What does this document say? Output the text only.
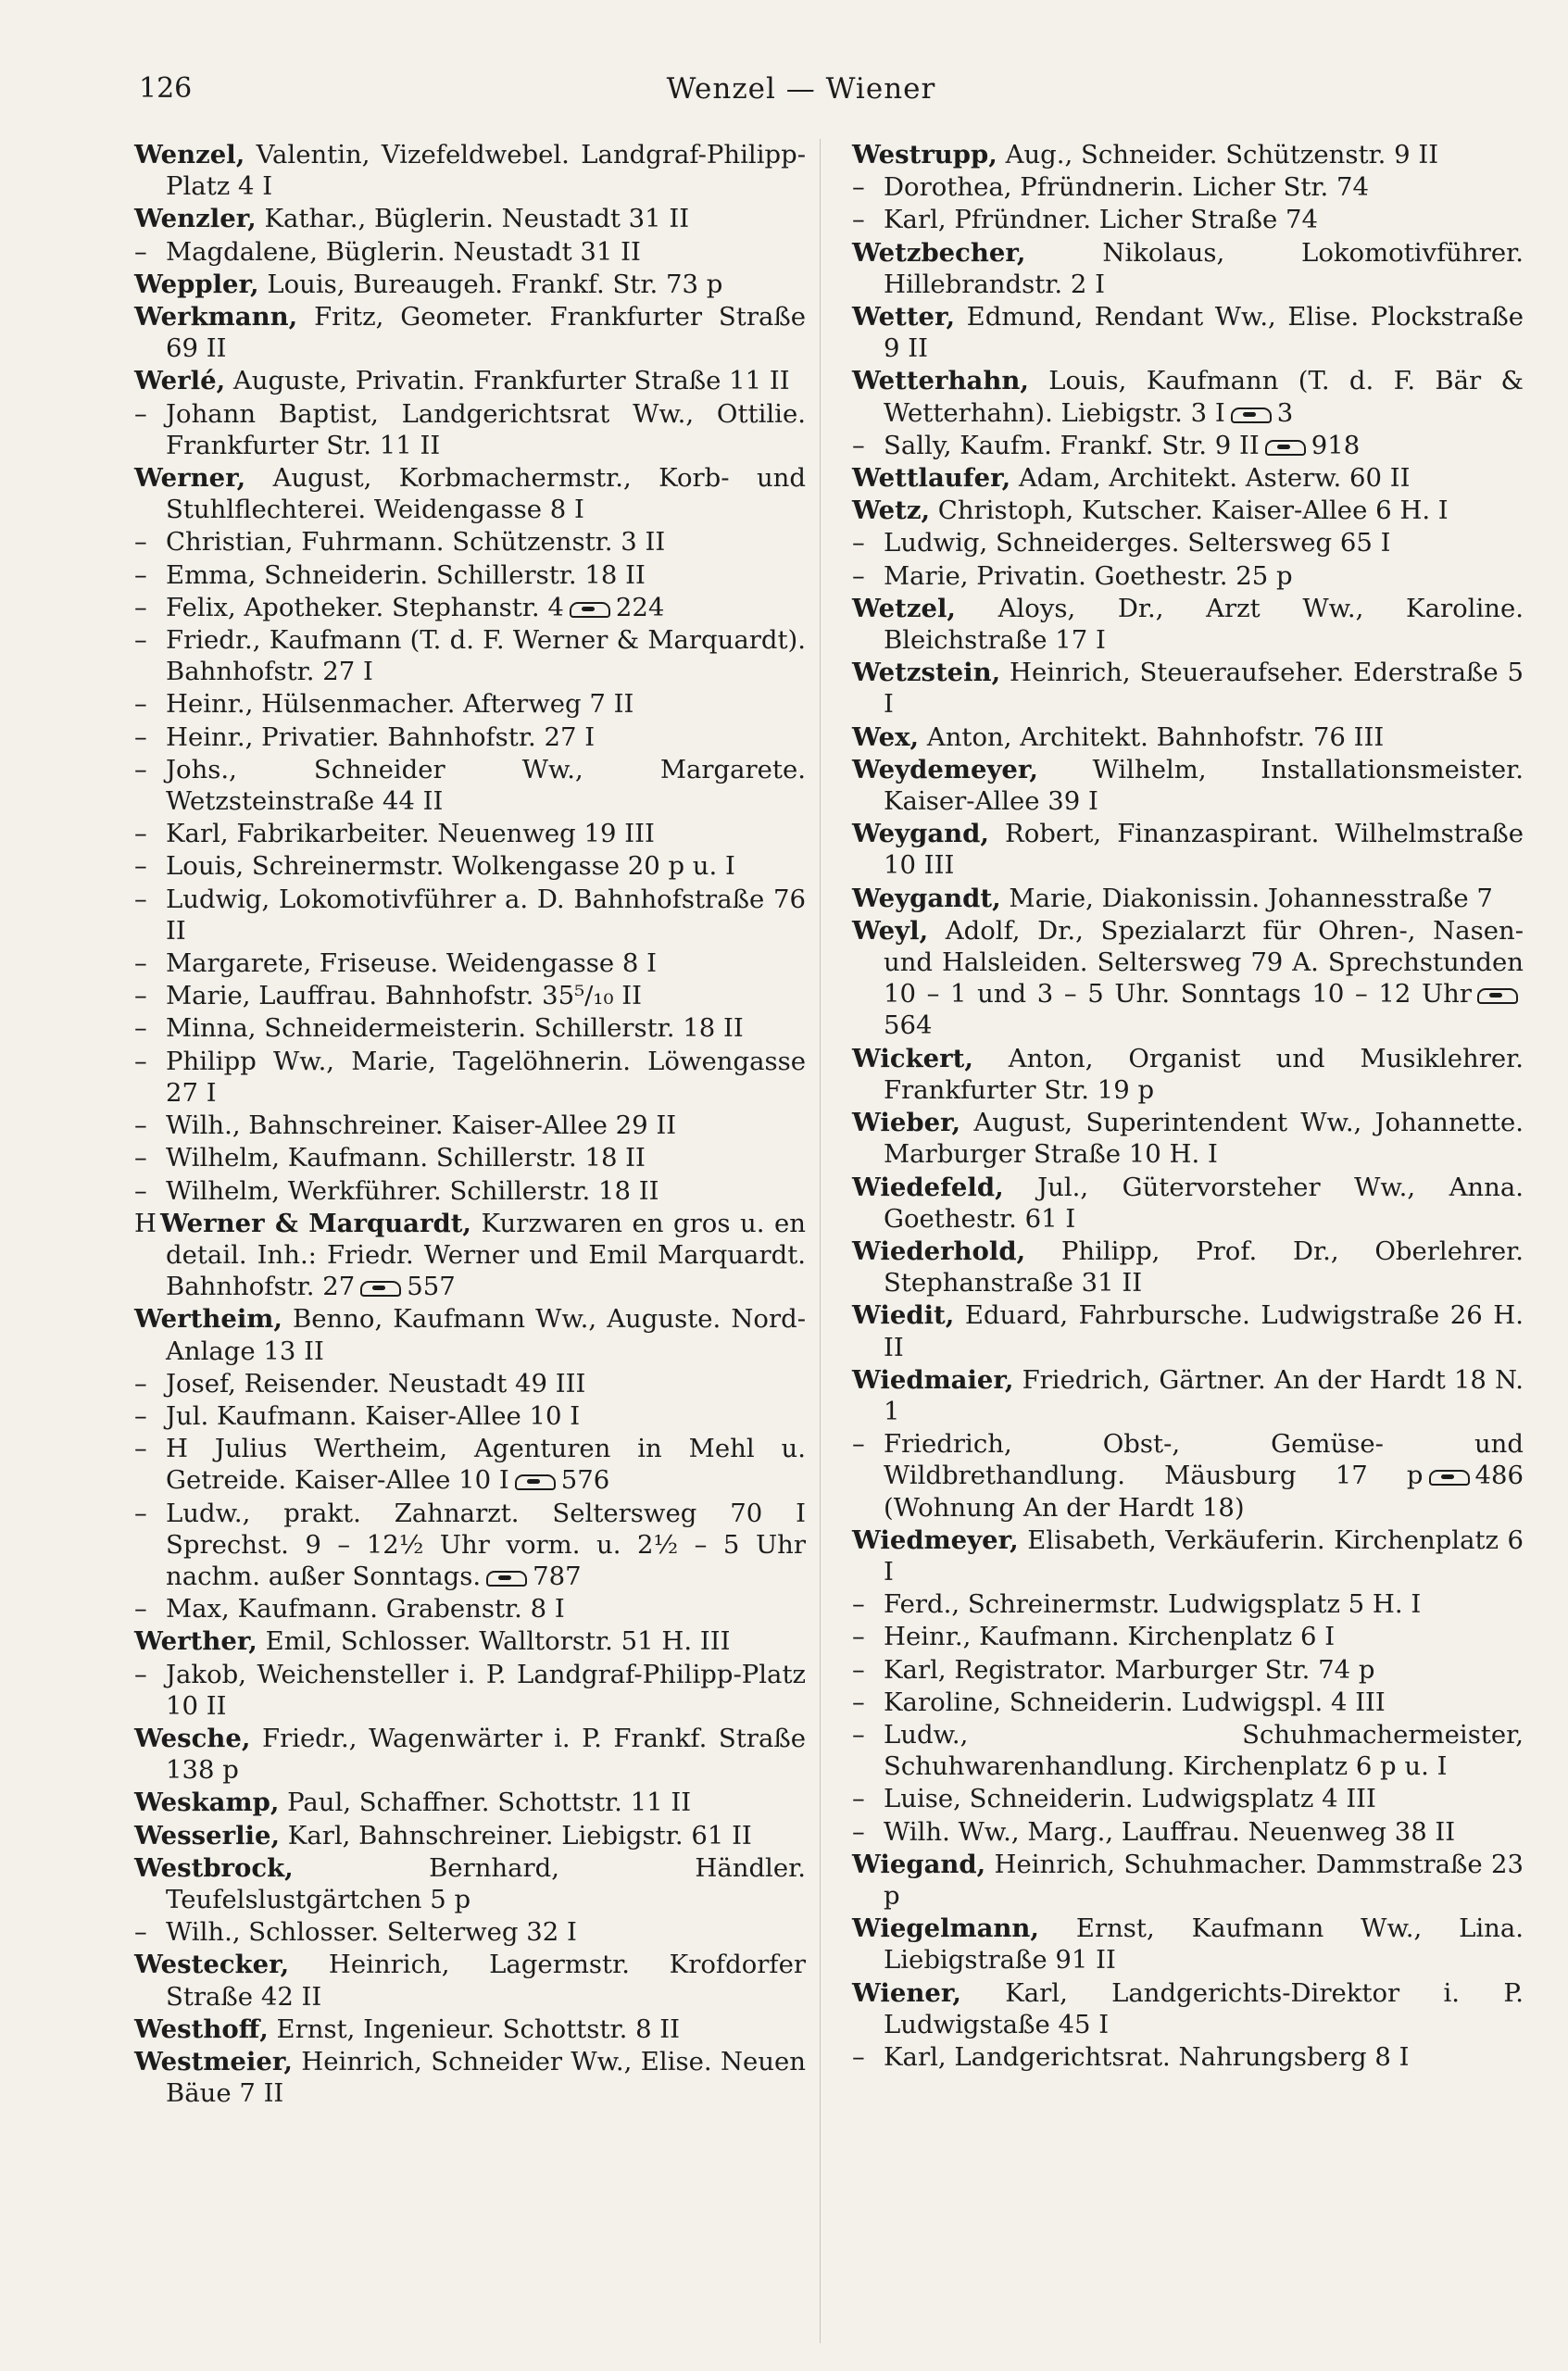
126	Wenzel — Wiener
Wenzel, Valentin, Vizefeldwebel. Landgraf-Philipp-Platz 4 I
Wenzler, Kathar., Büglerin. Neustadt 31 II
– Magdalene, Büglerin. Neustadt 31 II
Weppler, Louis, Bureaugeh. Frankf. Str. 73 p
Werkmann, Fritz, Geometer. Frankfurter Straße 69 II
Werlé, Auguste, Privatin. Frankfurter Straße 11 II
– Johann Baptist, Landgerichtsrat Ww., Ottilie. Frankfurter Str. 11 II
Werner, August, Korbmachermstr., Korb- und Stuhlflechterei. Weidengasse 8 I
– Christian, Fuhrmann. Schützenstr. 3 II
– Emma, Schneiderin. Schillerstr. 18 II
– Felix, Apotheker. Stephanstr. 4 224
– Friedr., Kaufmann (T. d. F. Werner & Marquardt). Bahnhofstr. 27 I
– Heinr., Hülsenmacher. Afterweg 7 II
– Heinr., Privatier. Bahnhofstr. 27 I
– Johs., Schneider Ww., Margarete. Wetzsteinstraße 44 II
– Karl, Fabrikarbeiter. Neuenweg 19 III
– Louis, Schreinermstr. Wolkengasse 20 p u. I
– Ludwig, Lokomotivführer a. D. Bahnhofstraße 76 II
– Margarete, Friseuse. Weidengasse 8 I
– Marie, Lauffrau. Bahnhofstr. 35⁵/₁₀ II
– Minna, Schneidermeisterin. Schillerstr. 18 II
– Philipp Ww., Marie, Tagelöhnerin. Löwengasse 27 I
– Wilh., Bahnschreiner. Kaiser-Allee 29 II
– Wilhelm, Kaufmann. Schillerstr. 18 II
– Wilhelm, Werkführer. Schillerstr. 18 II
H Werner & Marquardt, Kurzwaren en gros u. en detail. Inh.: Friedr. Werner und Emil Marquardt. Bahnhofstr. 27 557
Wertheim, Benno, Kaufmann Ww., Auguste. Nord-Anlage 13 II
– Josef, Reisender. Neustadt 49 III
– Jul. Kaufmann. Kaiser-Allee 10 I
– H Julius Wertheim, Agenturen in Mehl u. Getreide. Kaiser-Allee 10 I 576
– Ludw., prakt. Zahnarzt. Seltersweg 70 I Sprechst. 9 – 12½ Uhr vorm. u. 2½ – 5 Uhr nachm. außer Sonntags. 787
– Max, Kaufmann. Grabenstr. 8 I
Werther, Emil, Schlosser. Walltorstr. 51 H. III
– Jakob, Weichensteller i. P. Landgraf-Philipp-Platz 10 II
Wesche, Friedr., Wagenwärter i. P. Frankf. Straße 138 p
Weskamp, Paul, Schaffner. Schottstr. 11 II
Wesserlie, Karl, Bahnschreiner. Liebigstr. 61 II
Westbrock, Bernhard, Händler. Teufelslustgärtchen 5 p
– Wilh., Schlosser. Selterweg 32 I
Westecker, Heinrich, Lagermstr. Krofdorfer Straße 42 II
Westhoff, Ernst, Ingenieur. Schottstr. 8 II
Westmeier, Heinrich, Schneider Ww., Elise. Neuen Bäue 7 II
Westrupp, Aug., Schneider. Schützenstr. 9 II
– Dorothea, Pfründnerin. Licher Str. 74
– Karl, Pfründner. Licher Straße 74
Wetzbecher, Nikolaus, Lokomotivführer. Hillebrandstr. 2 I
Wetter, Edmund, Rendant Ww., Elise. Plockstraße 9 II
Wetterhahn, Louis, Kaufmann (T. d. F. Bär & Wetterhahn). Liebigstr. 3 I 3
– Sally, Kaufm. Frankf. Str. 9 II 918
Wettlaufer, Adam, Architekt. Asterw. 60 II
Wetz, Christoph, Kutscher. Kaiser-Allee 6 H. I
– Ludwig, Schneiderges. Seltersweg 65 I
– Marie, Privatin. Goethestr. 25 p
Wetzel, Aloys, Dr., Arzt Ww., Karoline. Bleichstraße 17 I
Wetzstein, Heinrich, Steueraufseher. Ederstraße 5 I
Wex, Anton, Architekt. Bahnhofstr. 76 III
Weydemeyer, Wilhelm, Installationsmeister. Kaiser-Allee 39 I
Weygand, Robert, Finanzaspirant. Wilhelmstraße 10 III
Weygandt, Marie, Diakonissin. Johannesstraße 7
Weyl, Adolf, Dr., Spezialarzt für Ohren-, Nasen- und Halsleiden. Seltersweg 79 A. Sprechstunden 10 – 1 und 3 – 5 Uhr. Sonntags 10 – 12 Uhr564
Wickert, Anton, Organist und Musiklehrer. Frankfurter Str. 19 p
Wieber, August, Superintendent Ww., Johannette. Marburger Straße 10 H. I
Wiedefeld, Jul., Gütervorsteher Ww., Anna. Goethestr. 61 I
Wiederhold, Philipp, Prof. Dr., Oberlehrer. Stephanstraße 31 II
Wiedit, Eduard, Fahrbursche. Ludwigstraße 26 H. II
Wiedmaier, Friedrich, Gärtner. An der Hardt 18 N. 1
– Friedrich, Obst-, Gemüse- und Wildbrethandlung. Mäusburg 17 p 486 (Wohnung An der Hardt 18)
Wiedmeyer, Elisabeth, Verkäuferin. Kirchenplatz 6 I
– Ferd., Schreinermstr. Ludwigsplatz 5 H. I
– Heinr., Kaufmann. Kirchenplatz 6 I
– Karl, Registrator. Marburger Str. 74 p
– Karoline, Schneiderin. Ludwigspl. 4 III
– Ludw., Schuhmachermeister, Schuhwarenhandlung. Kirchenplatz 6 p u. I
– Luise, Schneiderin. Ludwigsplatz 4 III
– Wilh. Ww., Marg., Lauffrau. Neuenweg 38 II
Wiegand, Heinrich, Schuhmacher. Dammstraße 23 p
Wiegelmann, Ernst, Kaufmann Ww., Lina. Liebigstraße 91 II
Wiener, Karl, Landgerichts-Direktor i. P. Ludwigstaße 45 I
– Karl, Landgerichtsrat. Nahrungsberg 8 I
